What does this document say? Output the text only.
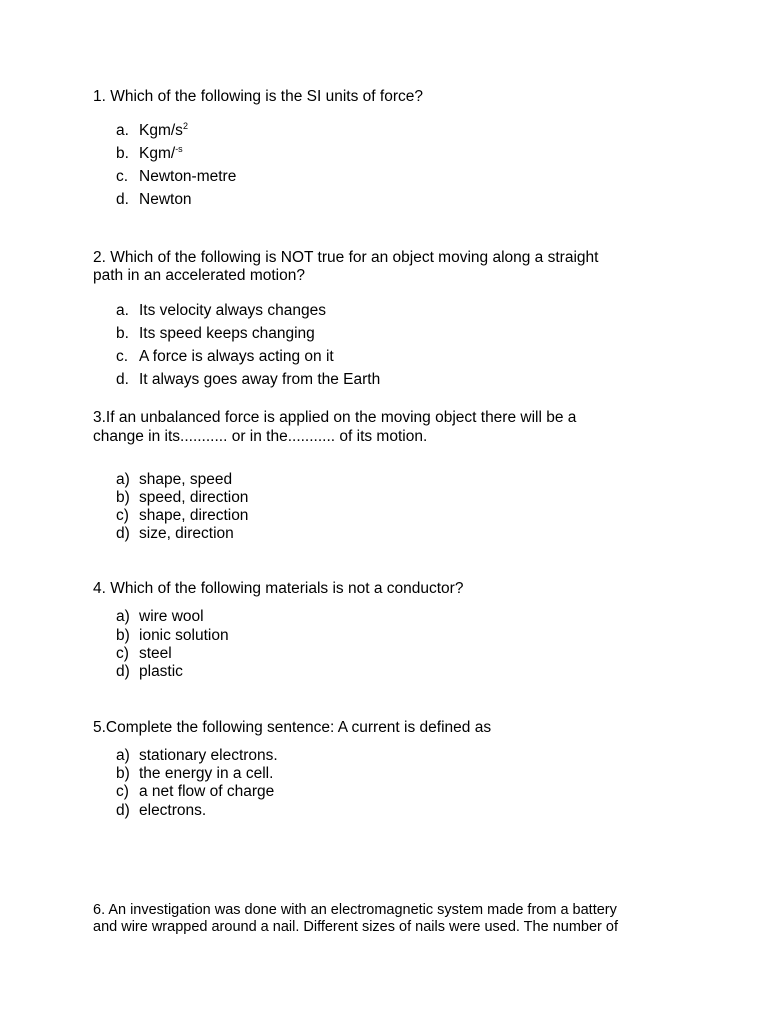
1. Which of the following is the SI units of force?
a. Kgm/$s^2$
b. Kgm/$^{-s}$
c. Newton-metre
d. Newton
2. Which of the following is NOT true for an object moving along a straight
path in an accelerated motion?
a. Its velocity always changes
b. Its speed keeps changing
c. A force is always acting on it
d. It always goes away from the Earth
3.If an unbalanced force is applied on the moving object there will be a
change in its........... or in the........... of its motion.
a) shape, speed
b) speed, direction
c) shape, direction
d) size, direction
4. Which of the following materials is not a conductor?
a) wire wool
b) ionic solution
c) steel
d) plastic
5.Complete the following sentence: A current is defined as
a) stationary electrons.
b) the energy in a cell.
c) a net flow of charge
d) electrons.
6. An investigation was done with an electromagnetic system made from a battery
and wire wrapped around a nail. Different sizes of nails were used. The number of
